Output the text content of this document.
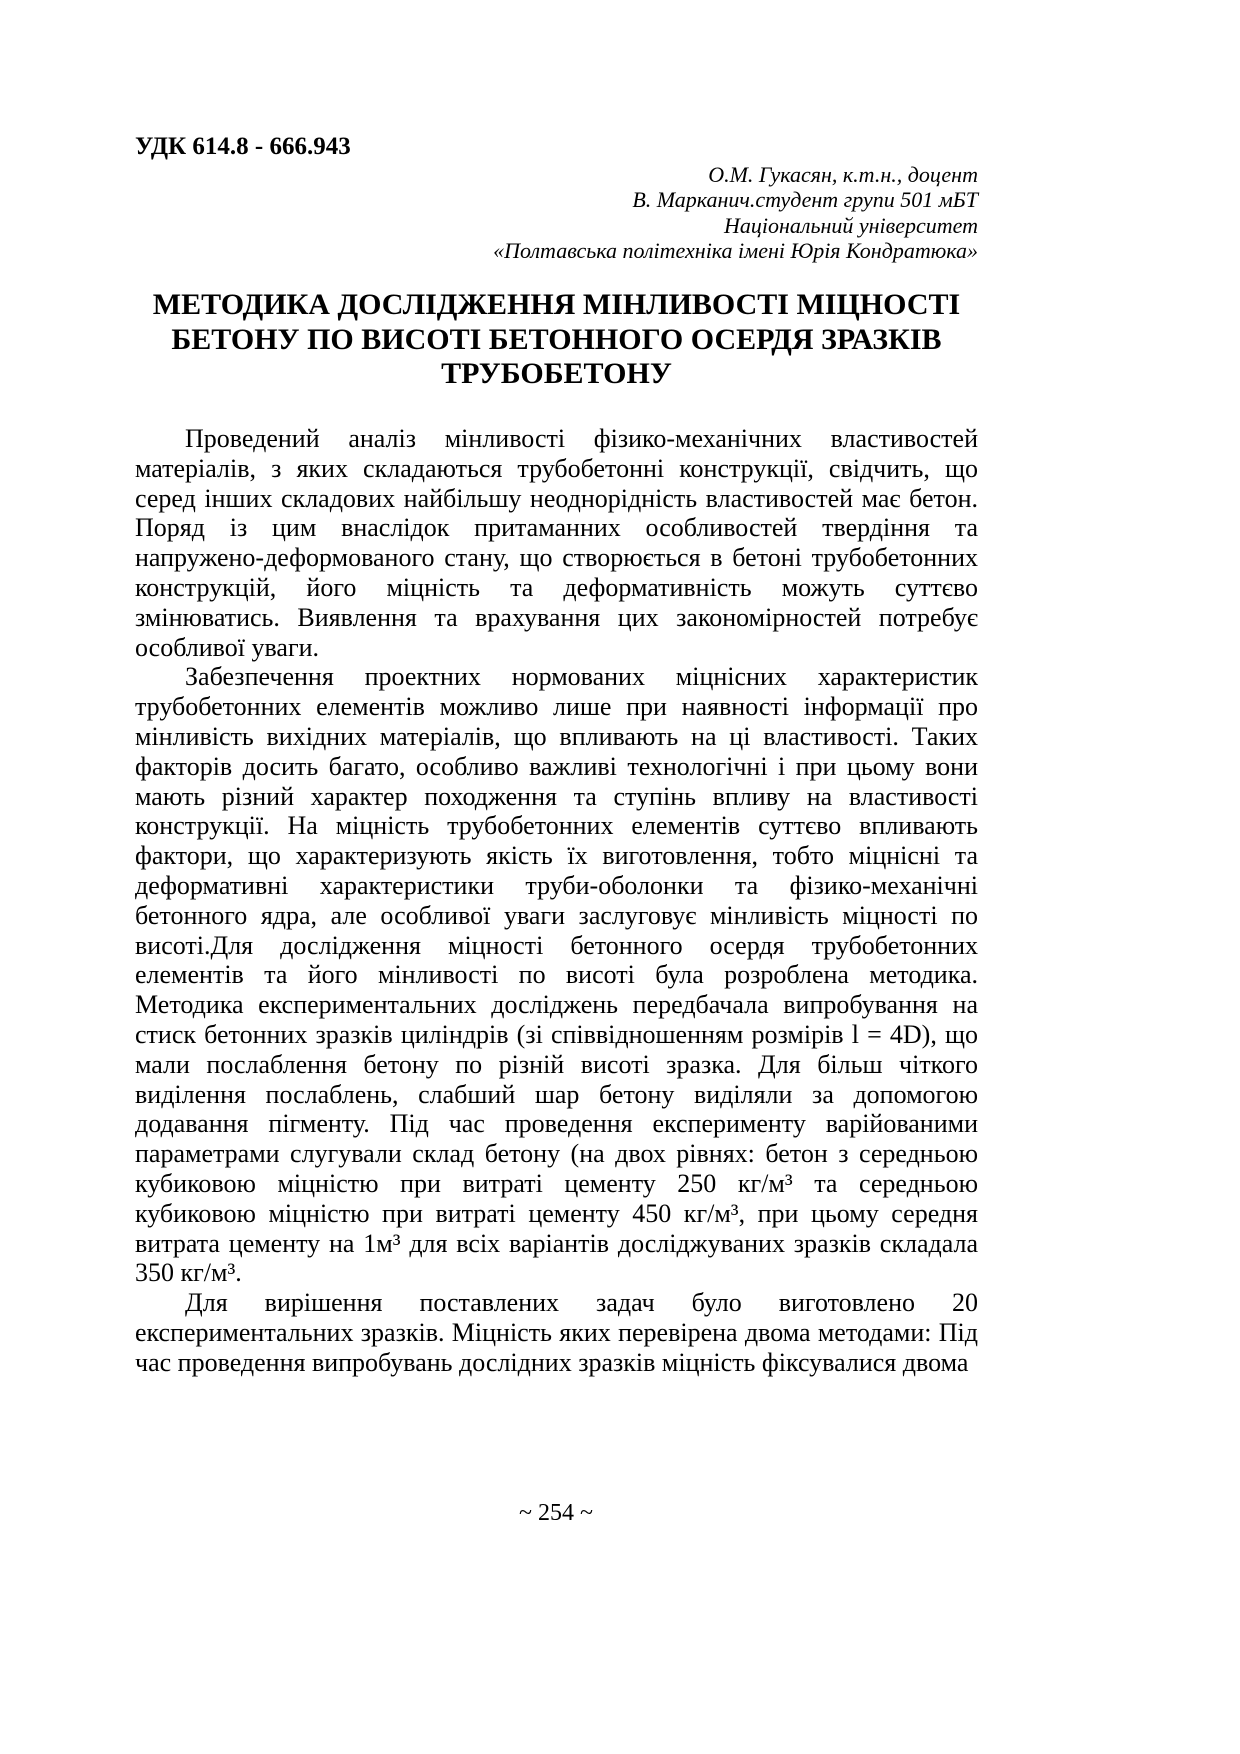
УДК 614.8 - 666.943
О.М. Гукасян, к.т.н., доцент
В. Марканич.студент групи 501 мБТ
Національний університет
«Полтавська політехніка імені Юрія Кондратюка»
МЕТОДИКА ДОСЛІДЖЕННЯ МІНЛИВОСТІ МІЦНОСТІ
БЕТОНУ ПО ВИСОТІ БЕТОННОГО ОСЕРДЯ ЗРАЗКІВ
ТРУБОБЕТОНУ
Проведений аналіз мінливості фізико-механічних властивостей
матеріалів, з яких складаються трубобетонні конструкції, свідчить, що
серед інших складових найбільшу неоднорідність властивостей має бетон.
Поряд із цим внаслідок притаманних особливостей твердіння та
напружено-деформованого стану, що створюється в бетоні трубобетонних
конструкцій, його міцність та деформативність можуть суттєво
змінюватись. Виявлення та врахування цих закономірностей потребує
особливої уваги.
Забезпечення проектних нормованих міцнісних характеристик
трубобетонних елементів можливо лише при наявності інформації про
мінливість вихідних матеріалів, що впливають на ці властивості. Таких
факторів досить багато, особливо важливі технологічні і при цьому вони
мають різний характер походження та ступінь впливу на властивості
конструкції. На міцність трубобетонних елементів суттєво впливають
фактори, що характеризують якість їх виготовлення, тобто міцнісні та
деформативні характеристики труби-оболонки та фізико-механічні
бетонного ядра, але особливої уваги заслуговує мінливість міцності по
висоті.Для дослідження міцності бетонного осердя трубобетонних
елементів та його мінливості по висоті була розроблена методика.
Методика експериментальних досліджень передбачала випробування на
стиск бетонних зразків циліндрів (зі співвідношенням розмірів l = 4D), що
мали послаблення бетону по різній висоті зразка. Для більш чіткого
виділення послаблень, слабший шар бетону виділяли за допомогою
додавання пігменту. Під час проведення експерименту варійованими
параметрами слугували склад бетону (на двох рівнях: бетон з середньою
кубиковою міцністю при витраті цементу 250 кг/м³ та середньою
кубиковою міцністю при витраті цементу 450 кг/м³, при цьому середня
витрата цементу на 1м³ для всіх варіантів досліджуваних зразків складала
350 кг/м³.
Для вирішення поставлених задач було виготовлено 20
експериментальних зразків. Міцність яких перевірена двома методами: Під
час проведення випробувань дослідних зразків міцність фіксувалися двома
~ 254 ~
